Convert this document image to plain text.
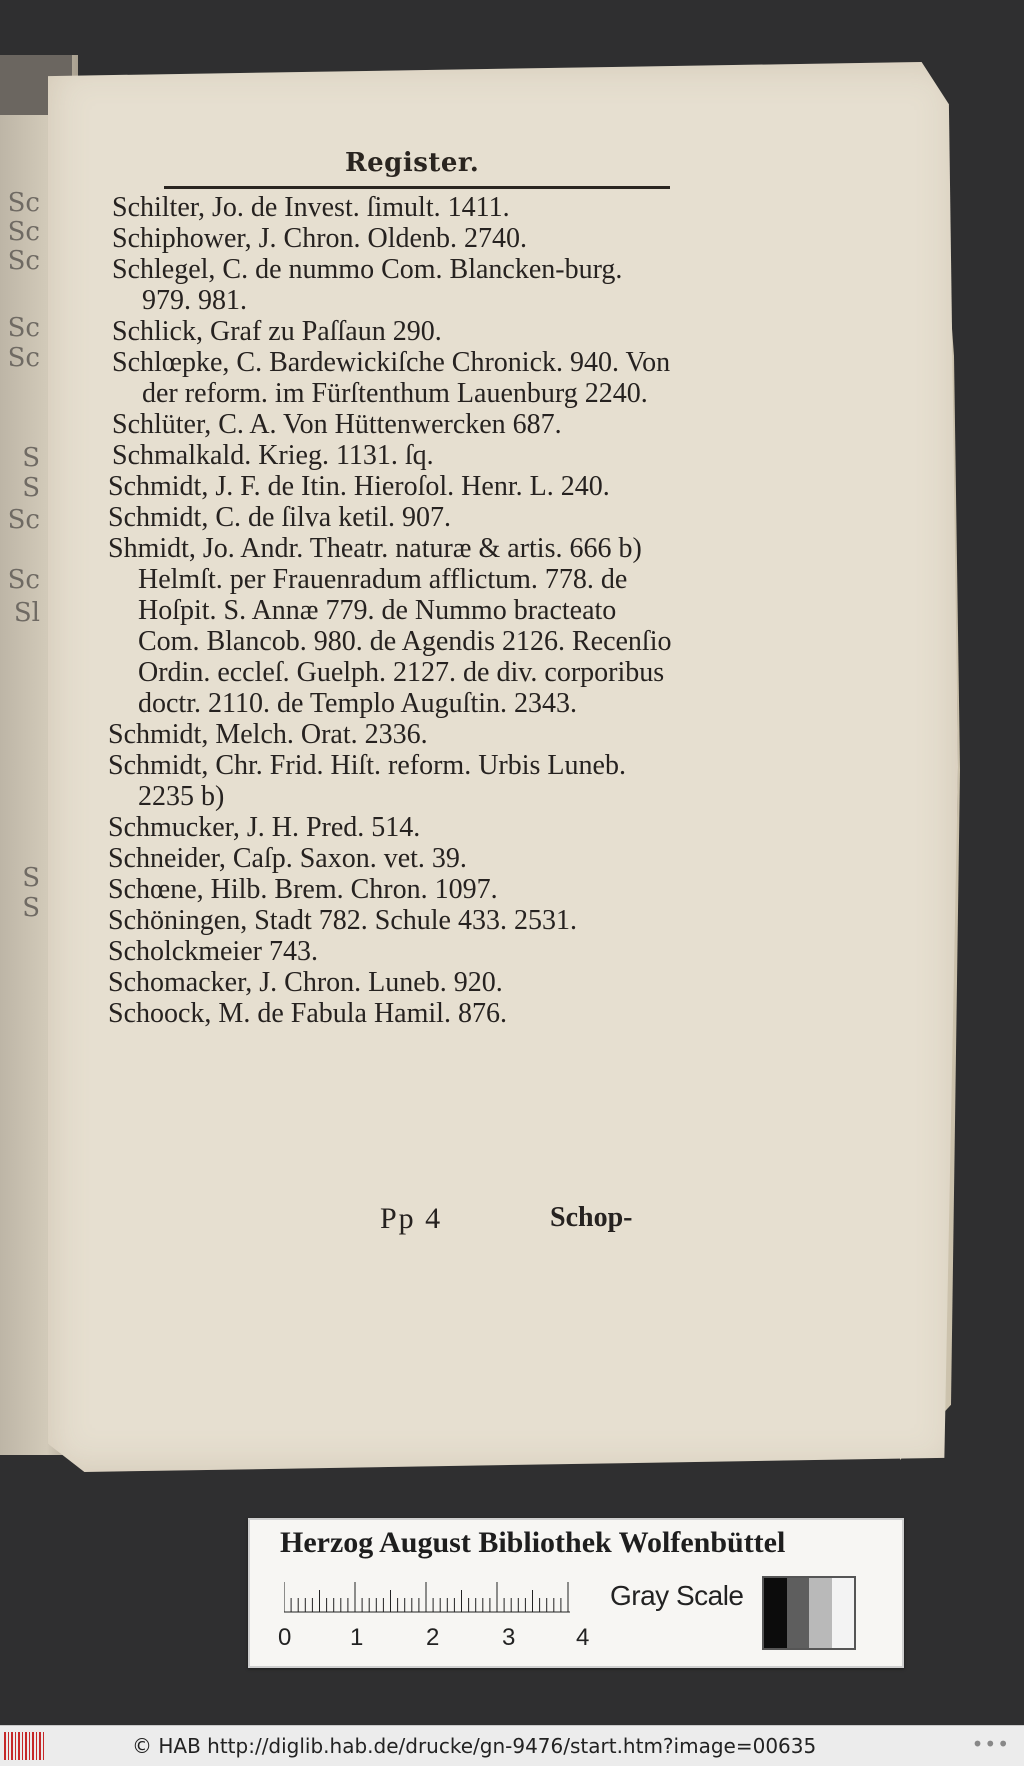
Sc
Sc
Sc
Sc
Sc
S
S
Sc
Sc
Sl
S
S
Register.

Schilter, Jo. de Invest. ſimult. 1411.

Schiphower, J. Chron. Oldenb. 2740.

Schlegel, C. de nummo Com. Blancken-burg. 979. 981.

Schlick, Graf zu Paſſaun 290.

Schlœpke, C. Bardewickiſche Chronick. 940. Von der reform. im Fürſtenthum Lauenburg 2240.

Schlüter, C. A. Von Hüttenwercken 687.

Schmalkald. Krieg. 1131. ſq.

Schmidt, J. F. de Itin. Hieroſol. Henr. L. 240.

Schmidt, C. de ſilva ketil. 907.

Shmidt, Jo. Andr. Theatr. naturæ & artis. 666 b) Helmſt. per Frauenradum afflictum. 778. de Hoſpit. S. Annæ 779. de Nummo bracteato Com. Blancob. 980. de Agendis 2126. Recenſio Ordin. eccleſ. Guelph. 2127. de div. corporibus doctr. 2110. de Templo Auguſtin. 2343.

Schmidt, Melch. Orat. 2336.

Schmidt, Chr. Frid. Hiſt. reform. Urbis Luneb. 2235 b)

Schmucker, J. H. Pred. 514.

Schneider, Caſp. Saxon. vet. 39.

Schœne, Hilb. Brem. Chron. 1097.

Schöningen, Stadt 782. Schule 433. 2531.

Scholckmeier 743.

Schomacker, J. Chron. Luneb. 920.

Schoock, M. de Fabula Hamil. 876.

Pp 4	Schop-
Herzog August Bibliothek Wolfenbüttel
0 1	2	3	4
Gray Scale
© HAB http://diglib.hab.de/drucke/gn-9476/start.htm?image=00635	•••
